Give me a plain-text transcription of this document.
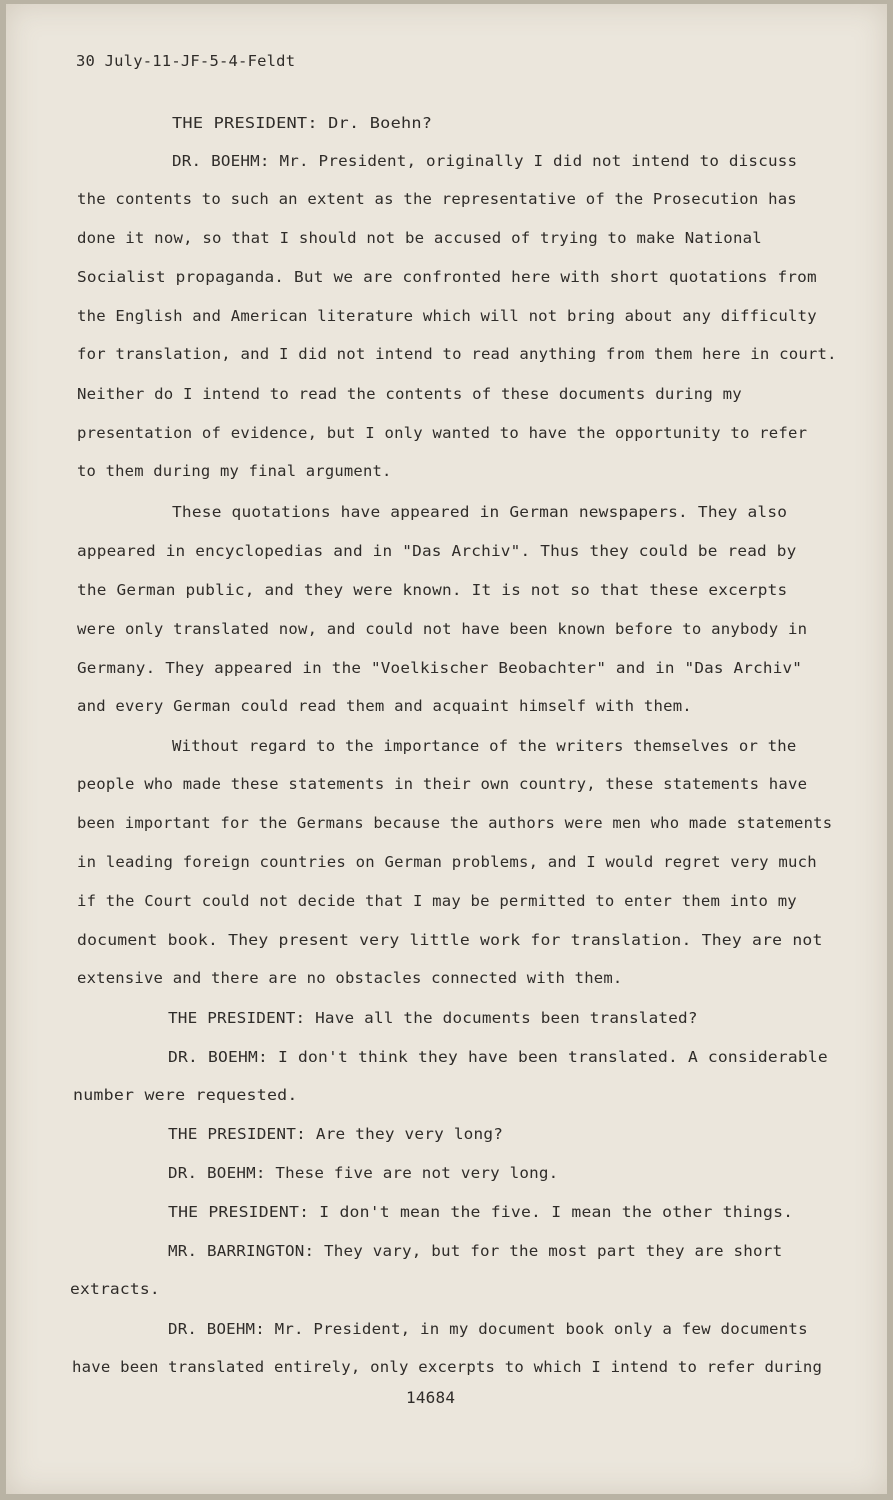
30 July-11-JF-5-4-Feldt
THE PRESIDENT: Dr. Boehn?
DR. BOEHM: Mr. President, originally I did not intend to discuss
the contents to such an extent as the representative of the Prosecution has
done it now, so that I should not be accused of trying to make National
Socialist propaganda. But we are confronted here with short quotations from
the English and American literature which will not bring about any difficulty
for translation, and I did not intend to read anything from them here in court.
Neither do I intend to read the contents of these documents during my
presentation of evidence, but I only wanted to have the opportunity to refer
to them during my final argument.
These quotations have appeared in German newspapers. They also
appeared in encyclopedias and in "Das Archiv". Thus they could be read by
the German public, and they were known. It is not so that these excerpts
were only translated now, and could not have been known before to anybody in
Germany. They appeared in the "Voelkischer Beobachter" and in "Das Archiv"
and every German could read them and acquaint himself with them.
Without regard to the importance of the writers themselves or the
people who made these statements in their own country, these statements have
been important for the Germans because the authors were men who made statements
in leading foreign countries on German problems, and I would regret very much
if the Court could not decide that I may be permitted to enter them into my
document book. They present very little work for translation. They are not
extensive and there are no obstacles connected with them.
THE PRESIDENT: Have all the documents been translated?
DR. BOEHM: I don't think they have been translated. A considerable
number were requested.
THE PRESIDENT: Are they very long?
DR. BOEHM: These five are not very long.
THE PRESIDENT: I don't mean the five. I mean the other things.
MR. BARRINGTON: They vary, but for the most part they are short
extracts.
DR. BOEHM: Mr. President, in my document book only a few documents
have been translated entirely, only excerpts to which I intend to refer during
14684
